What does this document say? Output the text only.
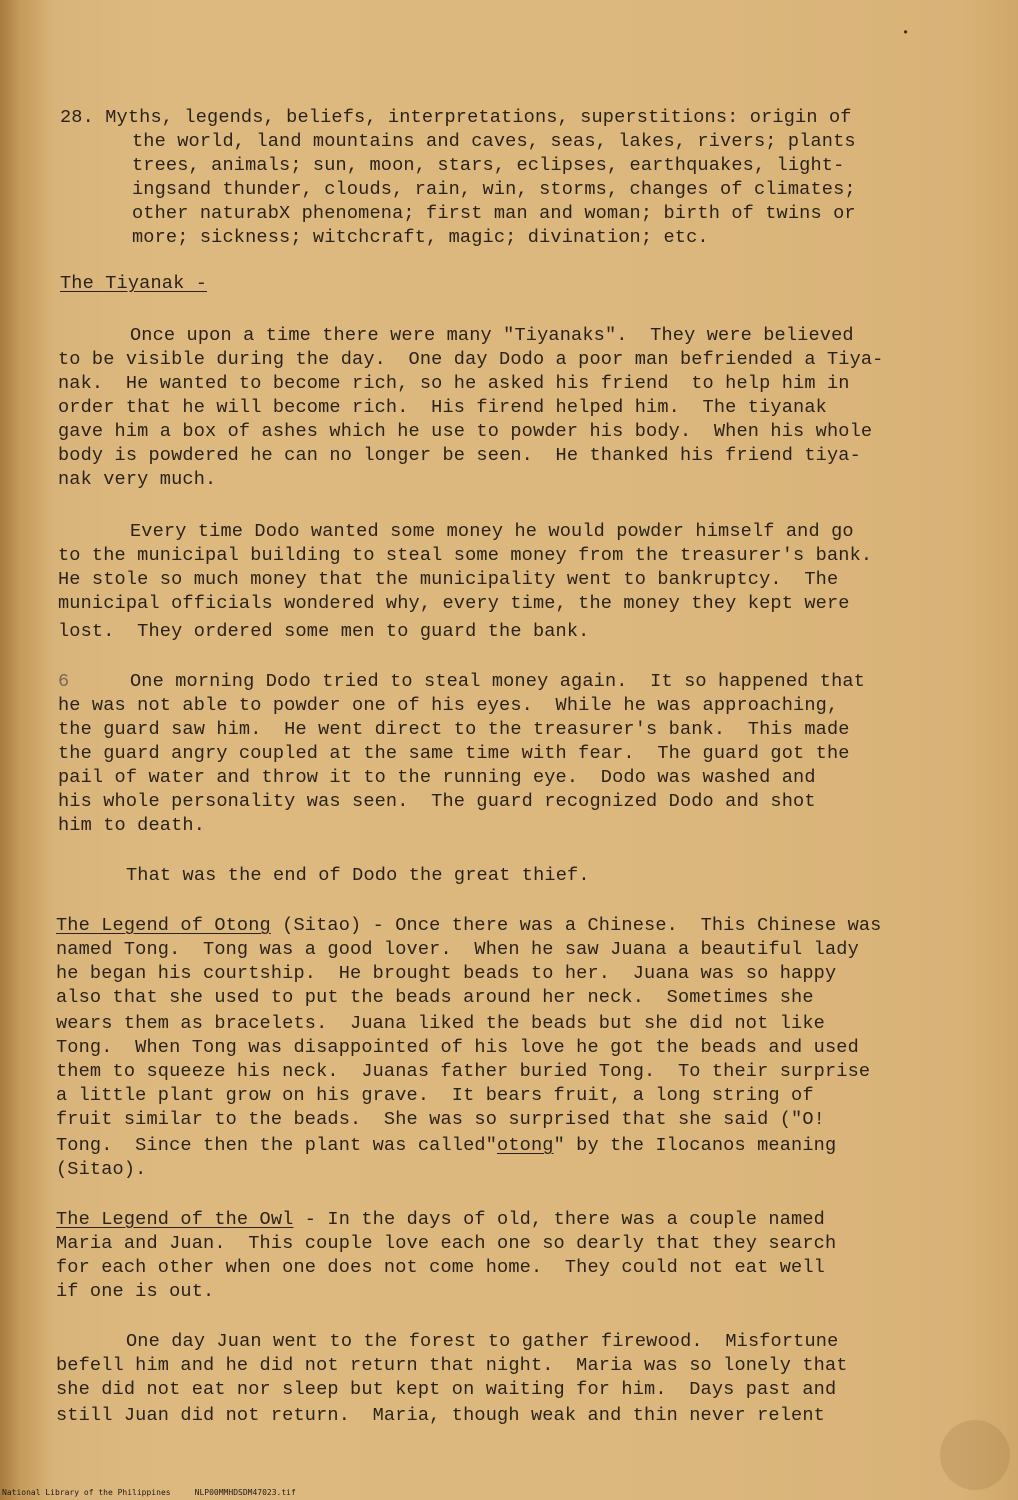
•
28. Myths, legends, beliefs, interpretations, superstitions: origin of
the world, land mountains and caves, seas, lakes, rivers; plants
trees, animals; sun, moon, stars, eclipses, earthquakes, light-
ingsand thunder, clouds, rain, win, storms, changes of climates;
other naturabX phenomena; first man and woman; birth of twins or
more; sickness; witchcraft, magic; divination; etc.
The Tiyanak -
Once upon a time there were many "Tiyanaks".  They were believed
to be visible during the day.  One day Dodo a poor man befriended a Tiya-
nak.  He wanted to become rich, so he asked his friend  to help him in
order that he will become rich.  His firend helped him.  The tiyanak
gave him a box of ashes which he use to powder his body.  When his whole
body is powdered he can no longer be seen.  He thanked his friend tiya-
nak very much.
Every time Dodo wanted some money he would powder himself and go
to the municipal building to steal some money from the treasurer's bank.
He stole so much money that the municipality went to bankruptcy.  The
municipal officials wondered why, every time, the money they kept were
lost.  They ordered some men to guard the bank.
6	One morning Dodo tried to steal money again.  It so happened that
he was not able to powder one of his eyes.  While he was approaching,
the guard saw him.  He went direct to the treasurer's bank.  This made
the guard angry coupled at the same time with fear.  The guard got the
pail of water and throw it to the running eye.  Dodo was washed and
his whole personality was seen.  The guard recognized Dodo and shot
him to death.
That was the end of Dodo the great thief.
The Legend of Otong (Sitao) - Once there was a Chinese.  This Chinese was
named Tong.  Tong was a good lover.  When he saw Juana a beautiful lady
he began his courtship.  He brought beads to her.  Juana was so happy
also that she used to put the beads around her neck.  Sometimes she
wears them as bracelets.  Juana liked the beads but she did not like
Tong.  When Tong was disappointed of his love he got the beads and used
them to squeeze his neck.  Juanas father buried Tong.  To their surprise
a little plant grow on his grave.  It bears fruit, a long string of
fruit similar to the beads.  She was so surprised that she said ("O!
Tong.  Since then the plant was called"otong" by the Ilocanos meaning
(Sitao).
The Legend of the Owl - In the days of old, there was a couple named
Maria and Juan.  This couple love each one so dearly that they search
for each other when one does not come home.  They could not eat well
if one is out.
One day Juan went to the forest to gather firewood.  Misfortune
befell him and he did not return that night.  Maria was so lonely that
she did not eat nor sleep but kept on waiting for him.  Days past and
still Juan did not return.  Maria, though weak and thin never relent
National Library of the Philippines     NLP00MMHDSDM47023.tif
